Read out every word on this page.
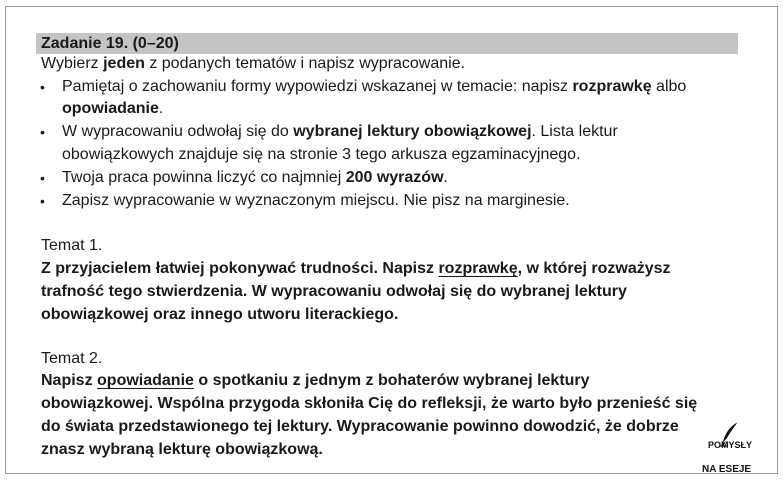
Zadanie 19. (0–20)
Wybierz jeden z podanych tematów i napisz wypracowanie.
• Pamiętaj o zachowaniu formy wypowiedzi wskazanej w temacie: napisz rozprawkę albo
opowiadanie.
• W wypracowaniu odwołaj się do wybranej lektury obowiązkowej. Lista lektur
obowiązkowych znajduje się na stronie 3 tego arkusza egzaminacyjnego.
• Twoja praca powinna liczyć co najmniej 200 wyrazów.
• Zapisz wypracowanie w wyznaczonym miejscu. Nie pisz na marginesie.
Temat 1.
Z przyjacielem łatwiej pokonywać trudności. Napisz rozprawkę, w której rozważysz
trafność tego stwierdzenia. W wypracowaniu odwołaj się do wybranej lektury
obowiązkowej oraz innego utworu literackiego.
Temat 2.
Napisz opowiadanie o spotkaniu z jednym z bohaterów wybranej lektury
obowiązkowej. Wspólna przygoda skłoniła Cię do refleksji, że warto było przenieść się
do świata przedstawionego tej lektury. Wypracowanie powinno dowodzić, że dobrze
znasz wybraną lekturę obowiązkową.	POMYSŁY
NA ESEJE
